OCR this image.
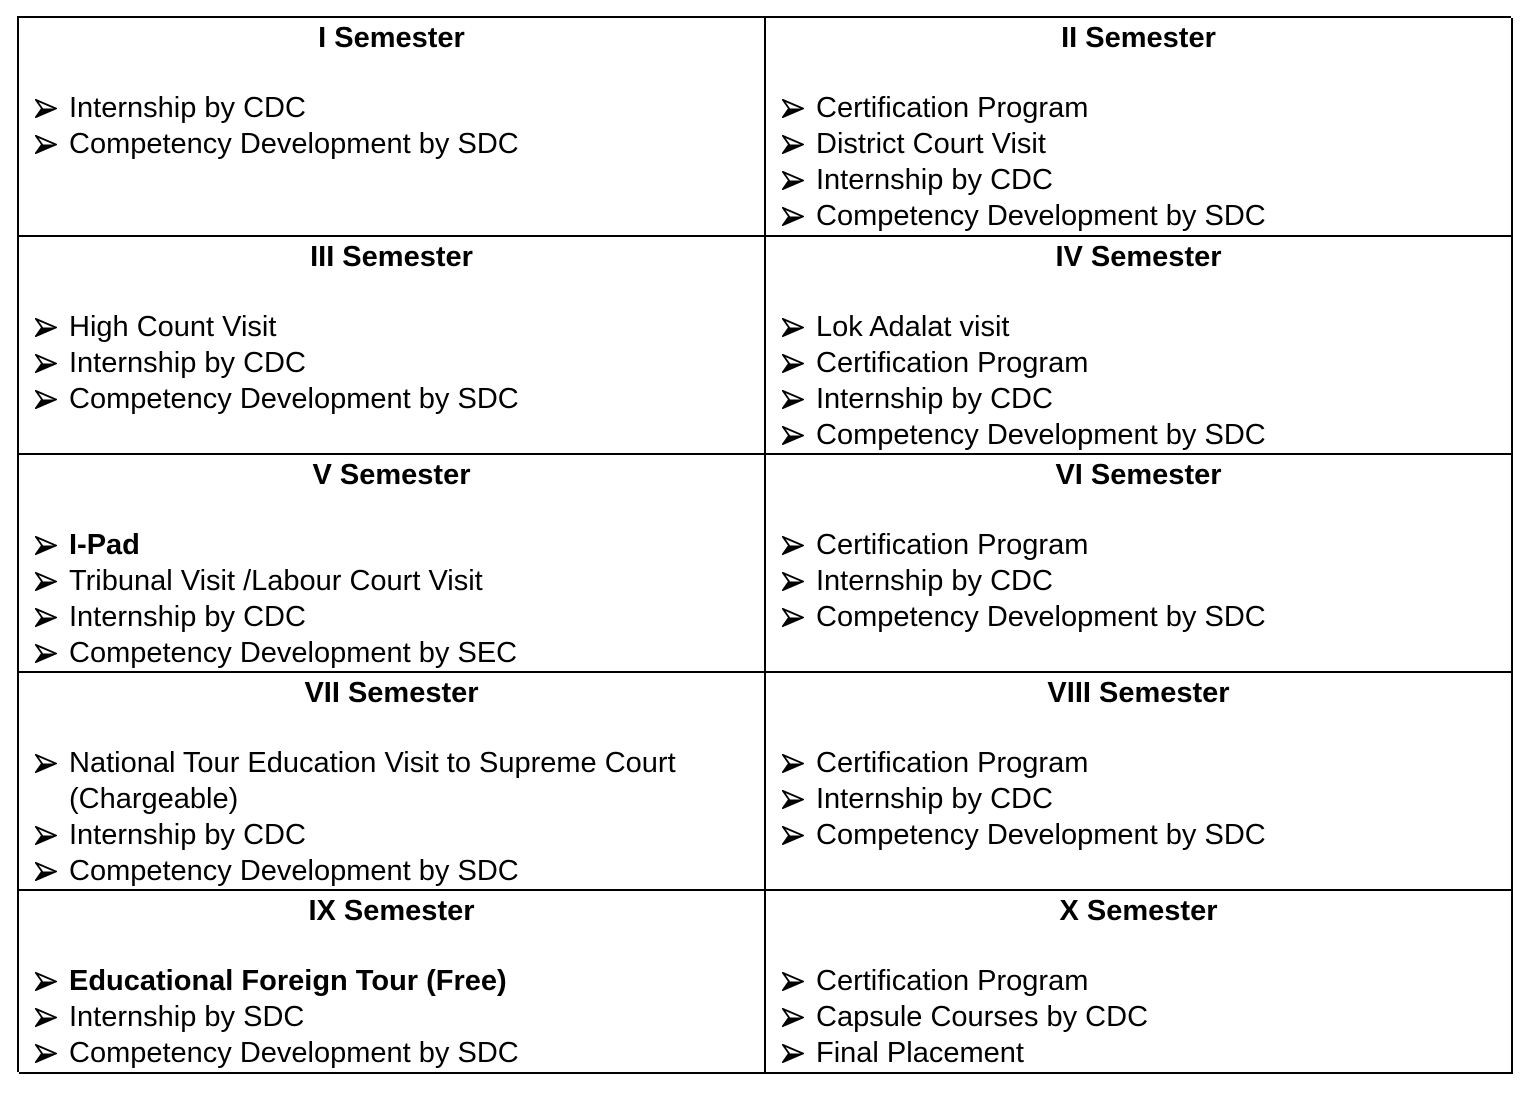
I Semester
Internship by CDC
Competency Development by SDC
II Semester
Certification Program
District Court Visit
Internship by CDC
Competency Development by SDC
III Semester
High Count Visit
Internship by CDC
Competency Development by SDC
IV Semester
Lok Adalat visit
Certification Program
Internship by CDC
Competency Development by SDC
V Semester
I-Pad
Tribunal Visit /Labour Court Visit
Internship by CDC
Competency Development by SEC
VI Semester
Certification Program
Internship by CDC
Competency Development by SDC
VII Semester
National Tour Education Visit to Supreme Court (Chargeable)
Internship by CDC
Competency Development by SDC
VIII Semester
Certification Program
Internship by CDC
Competency Development by SDC
IX Semester
Educational Foreign Tour (Free)
Internship by SDC
Competency Development by SDC
X Semester
Certification Program
Capsule Courses by CDC
Final Placement
